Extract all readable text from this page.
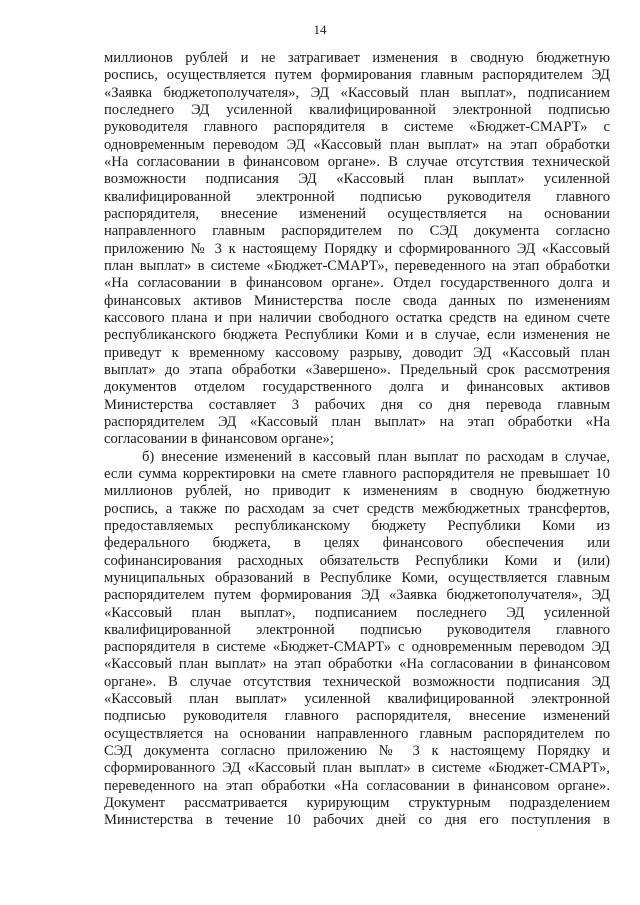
14
миллионов рублей и не затрагивает изменения в сводную бюджетную
роспись, осуществляется путем формирования главным распорядителем ЭД
«Заявка бюджетополучателя», ЭД «Кассовый план выплат», подписанием
последнего ЭД усиленной квалифицированной электронной подписью
руководителя главного распорядителя в системе «Бюджет-СМАРТ» с
одновременным переводом ЭД «Кассовый план выплат» на этап обработки
«На согласовании в финансовом органе». В случае отсутствия технической
возможности подписания ЭД «Кассовый план выплат» усиленной
квалифицированной электронной подписью руководителя главного
распорядителя, внесение изменений осуществляется на основании
направленного главным распорядителем по СЭД документа согласно
приложению № 3 к настоящему Порядку и сформированного ЭД «Кассовый
план выплат» в системе «Бюджет-СМАРТ», переведенного на этап обработки
«На согласовании в финансовом органе». Отдел государственного долга и
финансовых активов Министерства после свода данных по изменениям
кассового плана и при наличии свободного остатка средств на едином счете
республиканского бюджета Республики Коми и в случае, если изменения не
приведут к временному кассовому разрыву, доводит ЭД «Кассовый план
выплат» до этапа обработки «Завершено». Предельный срок рассмотрения
документов отделом государственного долга и финансовых активов
Министерства составляет 3 рабочих дня со дня перевода главным
распорядителем ЭД «Кассовый план выплат» на этап обработки «На
согласовании в финансовом органе»;
б) внесение изменений в кассовый план выплат по расходам в случае,
если сумма корректировки на смете главного распорядителя не превышает 10
миллионов рублей, но приводит к изменениям в сводную бюджетную
роспись, а также по расходам за счет средств межбюджетных трансфертов,
предоставляемых республиканскому бюджету Республики Коми из
федерального бюджета, в целях финансового обеспечения или
софинансирования расходных обязательств Республики Коми и (или)
муниципальных образований в Республике Коми, осуществляется главным
распорядителем путем формирования ЭД «Заявка бюджетополучателя», ЭД
«Кассовый план выплат», подписанием последнего ЭД усиленной
квалифицированной электронной подписью руководителя главного
распорядителя в системе «Бюджет-СМАРТ» с одновременным переводом ЭД
«Кассовый план выплат» на этап обработки «На согласовании в финансовом
органе». В случае отсутствия технической возможности подписания ЭД
«Кассовый план выплат» усиленной квалифицированной электронной
подписью руководителя главного распорядителя, внесение изменений
осуществляется на основании направленного главным распорядителем по
СЭД документа согласно приложению № 3 к настоящему Порядку и
сформированного ЭД «Кассовый план выплат» в системе «Бюджет-СМАРТ»,
переведенного на этап обработки «На согласовании в финансовом органе».
Документ рассматривается курирующим структурным подразделением
Министерства в течение 10 рабочих дней со дня его поступления в
